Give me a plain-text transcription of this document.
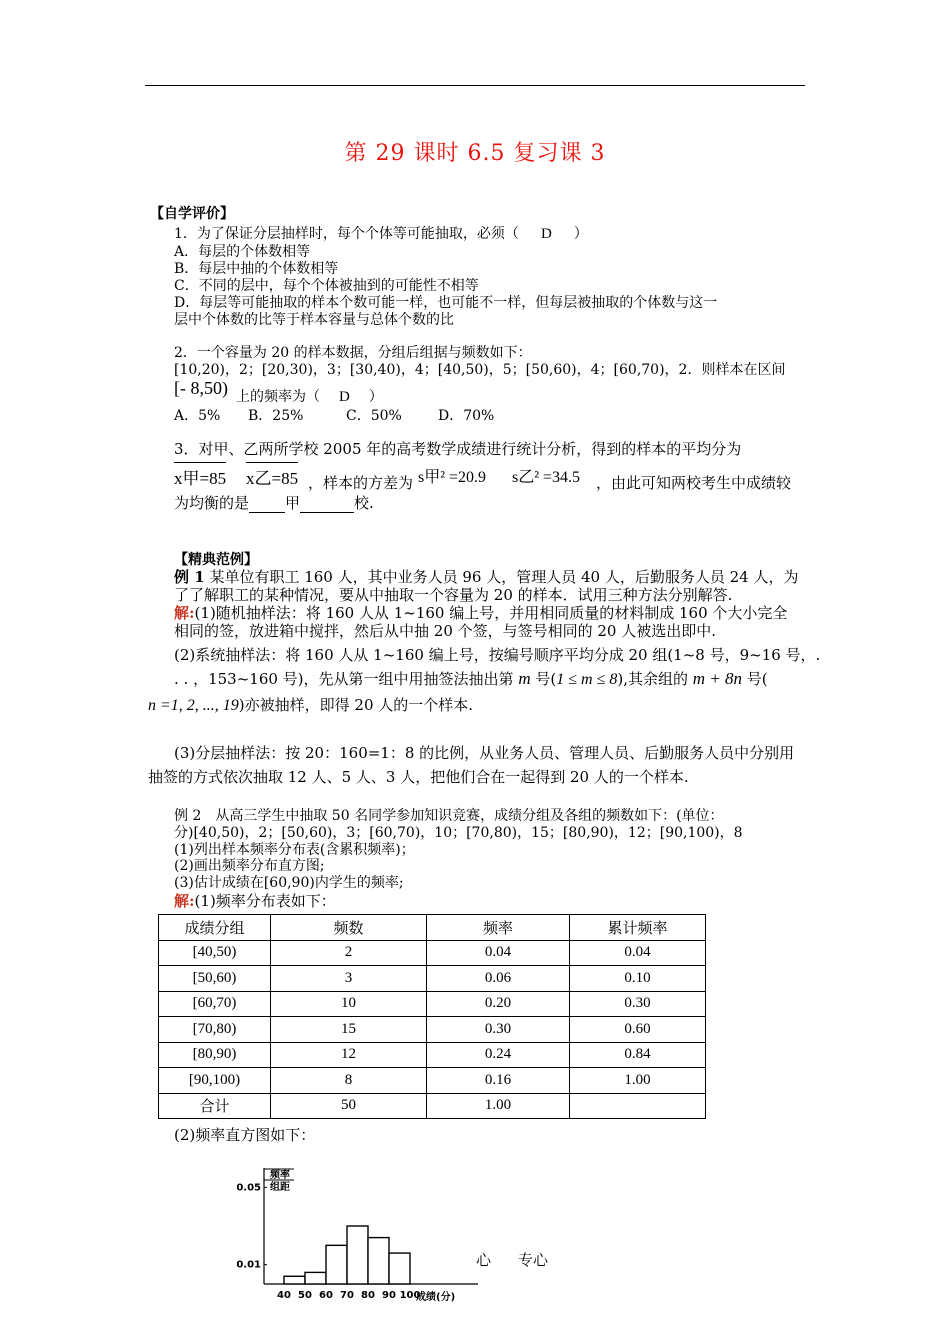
第 29 课时 6.5 复习课 3
【自学评价】
1．为了保证分层抽样时，每个个体等可能抽取，必须（ D ）
A．每层的个体数相等
B．每层中抽的个体数相等
C．不同的层中，每个个体被抽到的可能性不相等
D．每层等可能抽取的样本个数可能一样，也可能不一样，但每层被抽取的个体数与这一
层中个体数的比等于样本容量与总体个数的比
2．一个容量为 20 的样本数据，分组后组据与频数如下：
[10,20)，2；[20,30)，3；[30,40)，4；[40,50)，5；[50,60)，4；[60,70)，2．则样本在区间
[- 8,50) 上的频率为（ D ）
A．5% B．25%	C．50%	D．70%
3．对甲、乙两所学校 2005 年的高考数学成绩进行统计分析，得到的样本的平均分为
x甲=85 x乙=85 ，样本的方差为 s甲² =20.9 s乙² =34.5 ，由此可知两校考生中成绩较
为均衡的是 甲	校.
【精典范例】
例 1 某单位有职工 160 人，其中业务人员 96 人，管理人员 40 人，后勤服务人员 24 人，为
了了解职工的某种情况，要从中抽取一个容量为 20 的样本．试用三种方法分别解答.
解:(1)随机抽样法：将 160 人从 1~160 编上号，并用相同质量的材料制成 160 个大小完全
相同的签，放进箱中搅拌，然后从中抽 20 个签，与签号相同的 20 人被选出即中.
(2)系统抽样法：将 160 人从 1~160 编上号，按编号顺序平均分成 20 组(1~8 号，9~16 号，.
. . ，153~160 号)，先从第一组中用抽签法抽出第 m 号(1 ≤ m ≤ 8),其余组的 m + 8n 号(
n =1, 2, ..., 19)亦被抽样，即得 20 人的一个样本.
(3)分层抽样法：按 20：160=1：8 的比例，从业务人员、管理人员、后勤服务人员中分别用
抽签的方式依次抽取 12 人、5 人、3 人，把他们合在一起得到 20 人的一个样本.
例 2　从高三学生中抽取 50 名同学参加知识竞赛，成绩分组及各组的频数如下：(单位：
分)[40,50)，2；[50,60)，3；[60,70)，10；[70,80)，15；[80,90)，12；[90,100)，8
(1)列出样本频率分布表(含累积频率)；
(2)画出频率分布直方图;
(3)估计成绩在[60,90)内学生的频率;
解:(1)频率分布表如下：
成绩分组	频数	频率	累计频率
[40,50)	2	0.04	0.04
[50,60)	3	0.06	0.10
[60,70)	10	0.20	0.30
[70,80)	15	0.30	0.60
[80,90)	12	0.24	0.84
[90,100)	8	0.16	1.00
合计	50	1.00	
(2)频率直方图如下：
频率
组距
成绩(分)
40 50 60 70 80 90 100
0.01
0.05
心 专心
